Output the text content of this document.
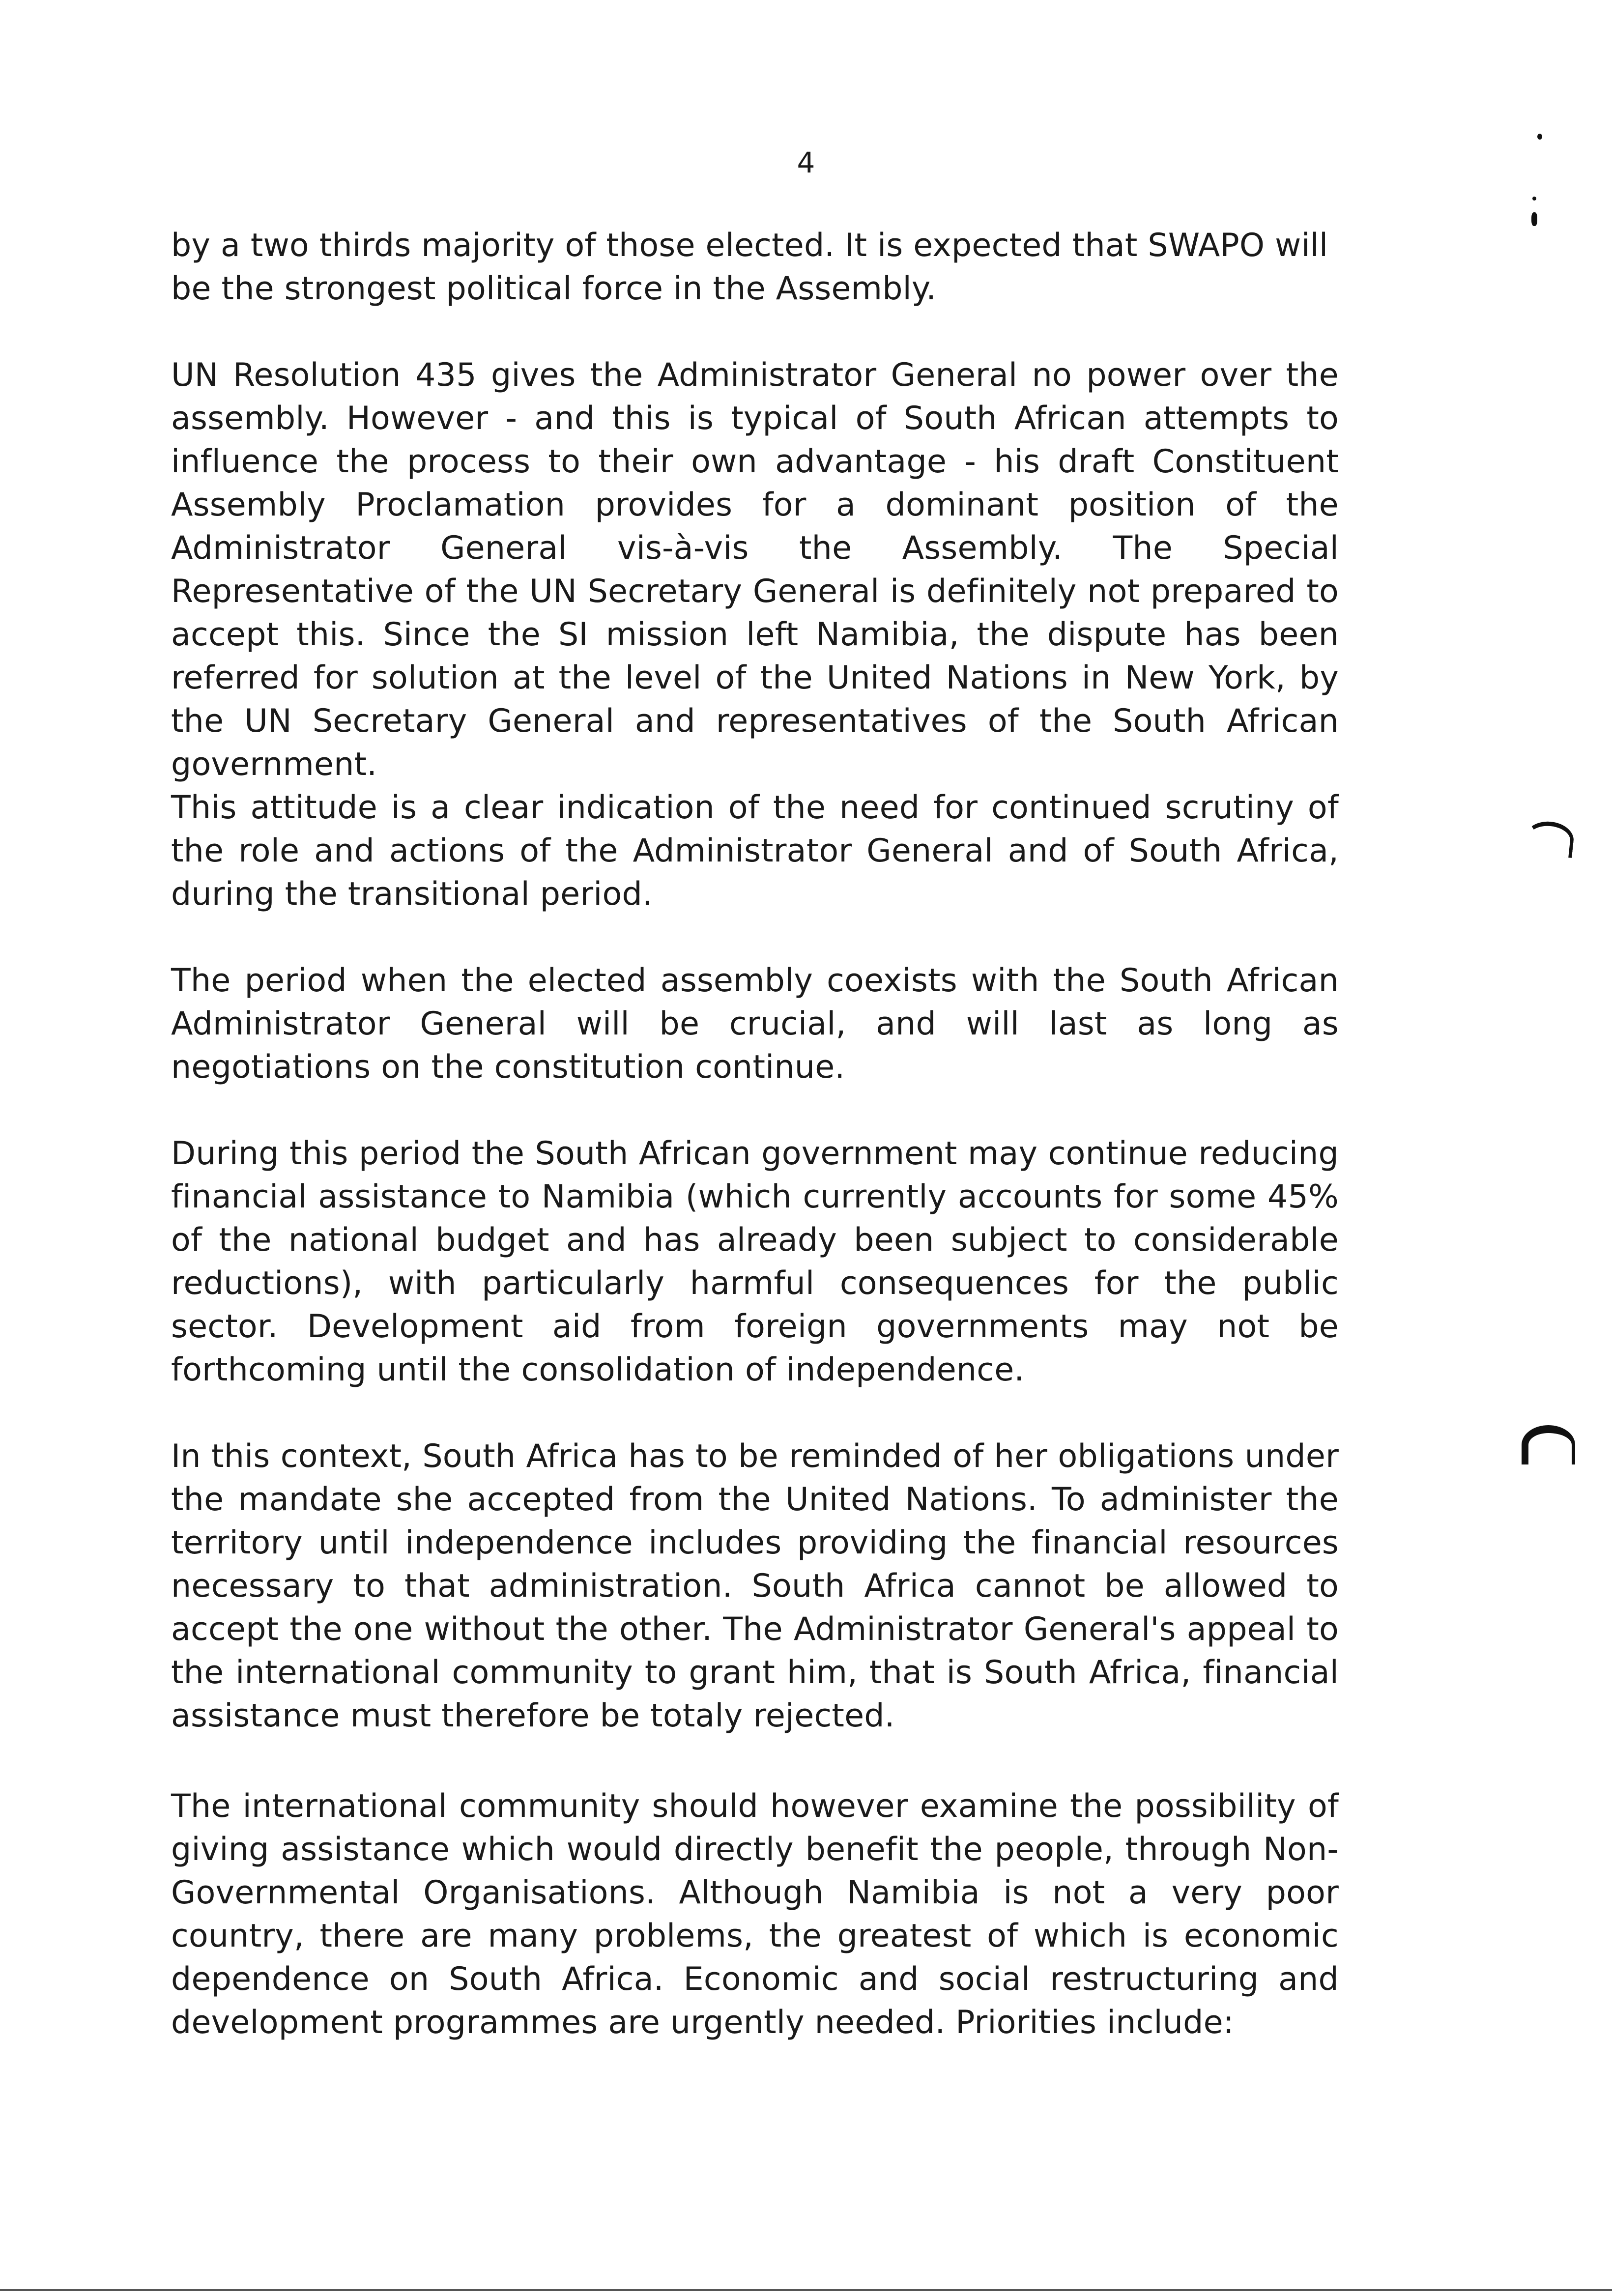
4

by a two thirds majority of those elected. It is expected that SWAPO will be the strongest political force in the Assembly.

UN Resolution 435 gives the Administrator General no power over the assembly. However - and this is typical of South African attempts to influence the process to their own advantage - his draft Constituent Assembly Proclamation provides for a dominant position of the Administrator General vis-à-vis the Assembly. The Special Representative of the UN Secretary General is definitely not prepared to accept this. Since the SI mission left Namibia, the dispute has been referred for solution at the level of the United Nations in New York, by the UN Secretary General and representatives of the South African government.

This attitude is a clear indication of the need for continued scrutiny of the role and actions of the Administrator General and of South Africa, during the transitional period.

The period when the elected assembly coexists with the South African Administrator General will be crucial, and will last as long as negotiations on the constitution continue.

During this period the South African government may continue reducing financial assistance to Namibia (which currently accounts for some 45% of the national budget and has already been subject to considerable reductions), with particularly harmful consequences for the public sector. Development aid from foreign governments may not be forthcoming until the consolidation of independence.

In this context, South Africa has to be reminded of her obligations under the mandate she accepted from the United Nations. To administer the territory until independence includes providing the financial resources necessary to that administration. South Africa cannot be allowed to accept the one without the other. The Administrator General's appeal to the international community to grant him, that is South Africa, financial assistance must therefore be totaly rejected.

The international community should however examine the possibility of giving assistance which would directly benefit the people, through Non-Governmental Organisations. Although Namibia is not a very poor country, there are many problems, the greatest of which is economic dependence on South Africa. Economic and social restructuring and development programmes are urgently needed. Priorities include:
